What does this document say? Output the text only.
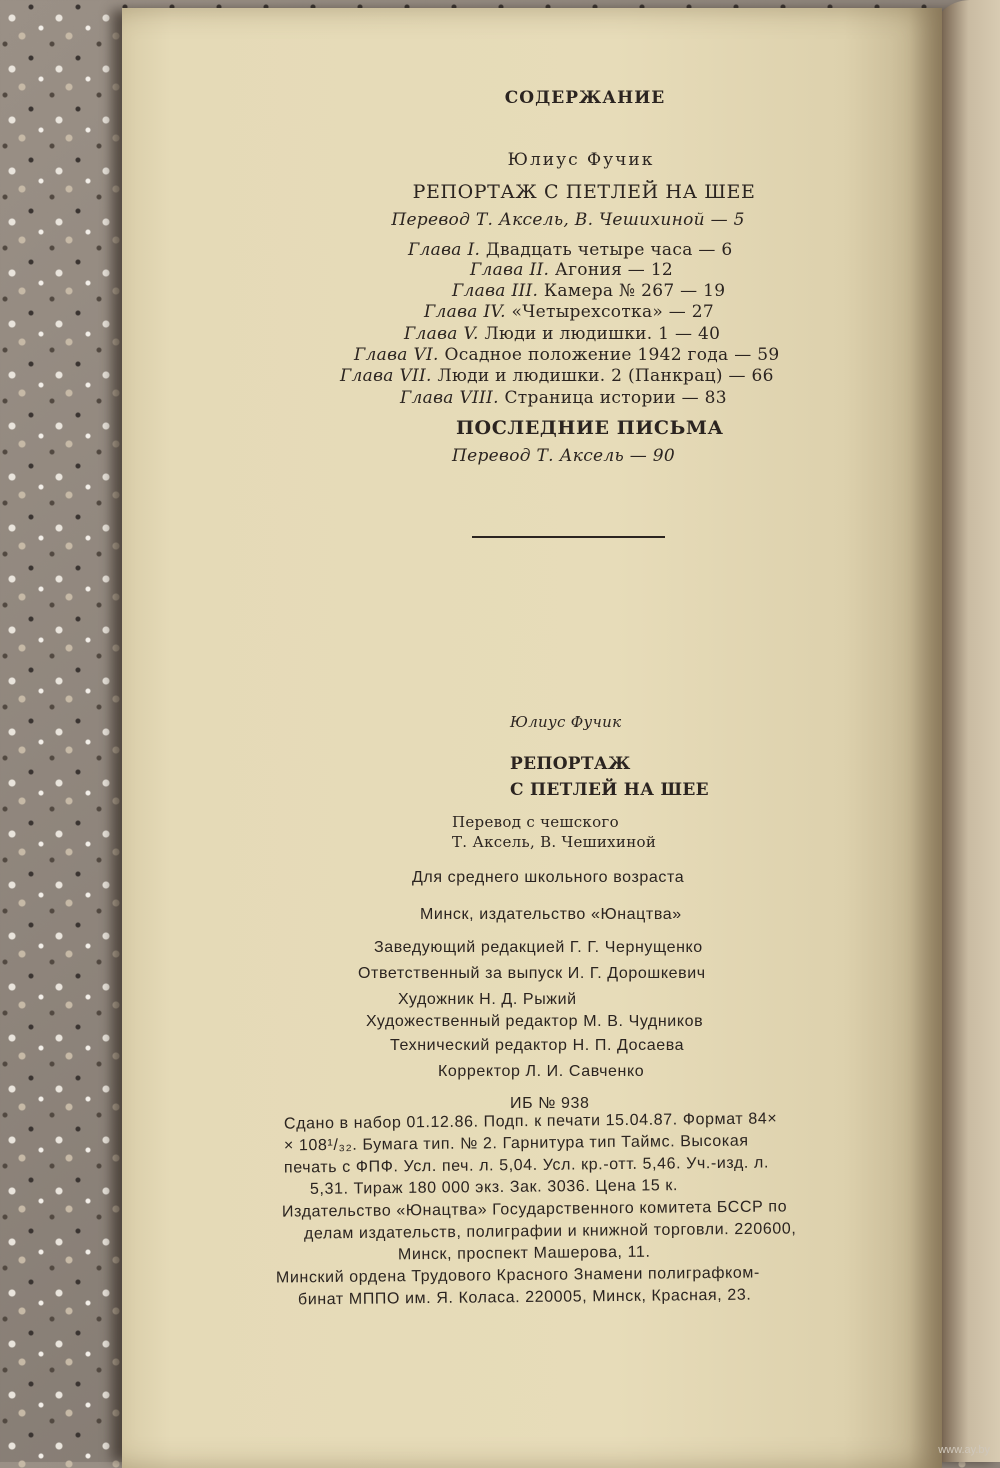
СОДЕРЖАНИЕ
Юлиус Фучик
РЕПОРТАЖ С ПЕТЛЕЙ НА ШЕЕ
Перевод Т. Аксель, В. Чешихиной — 5
Глава I. Двадцать четыре часа — 6
Глава II. Агония — 12
Глава III. Камера № 267 — 19
Глава IV. «Четырехсотка» — 27
Глава V. Люди и людишки. 1 — 40
Глава VI. Осадное положение 1942 года — 59
Глава VII. Люди и людишки. 2 (Панкрац) — 66
Глава VIII. Страница истории — 83
ПОСЛЕДНИЕ ПИСЬМА
Перевод Т. Аксель — 90
Юлиус Фучик
РЕПОРТАЖ
С ПЕТЛЕЙ НА ШЕЕ
Перевод с чешского
Т. Аксель, В. Чешихиной
Для среднего школьного возраста
Минск, издательство «Юнацтва»
Заведующий редакцией Г. Г. Чернущенко
Ответственный за выпуск И. Г. Дорошкевич
Художник Н. Д. Рыжий
Художественный редактор М. В. Чудников
Технический редактор Н. П. Досаева
Корректор Л. И. Савченко
ИБ № 938
Сдано в набор 01.12.86. Подп. к печати 15.04.87. Формат 84×
× 108¹/₃₂. Бумага тип. № 2. Гарнитура тип Таймс. Высокая
печать с ФПФ. Усл. печ. л. 5,04. Усл. кр.-отт. 5,46. Уч.-изд. л.
5,31. Тираж 180 000 экз. Зак. 3036. Цена 15 к.
Издательство «Юнацтва» Государственного комитета БССР по
делам издательств, полиграфии и книжной торговли. 220600,
Минск, проспект Машерова, 11.
Минский ордена Трудового Красного Знамени полиграфком-
бинат МППО им. Я. Коласа. 220005, Минск, Красная, 23.
www.ay.by
